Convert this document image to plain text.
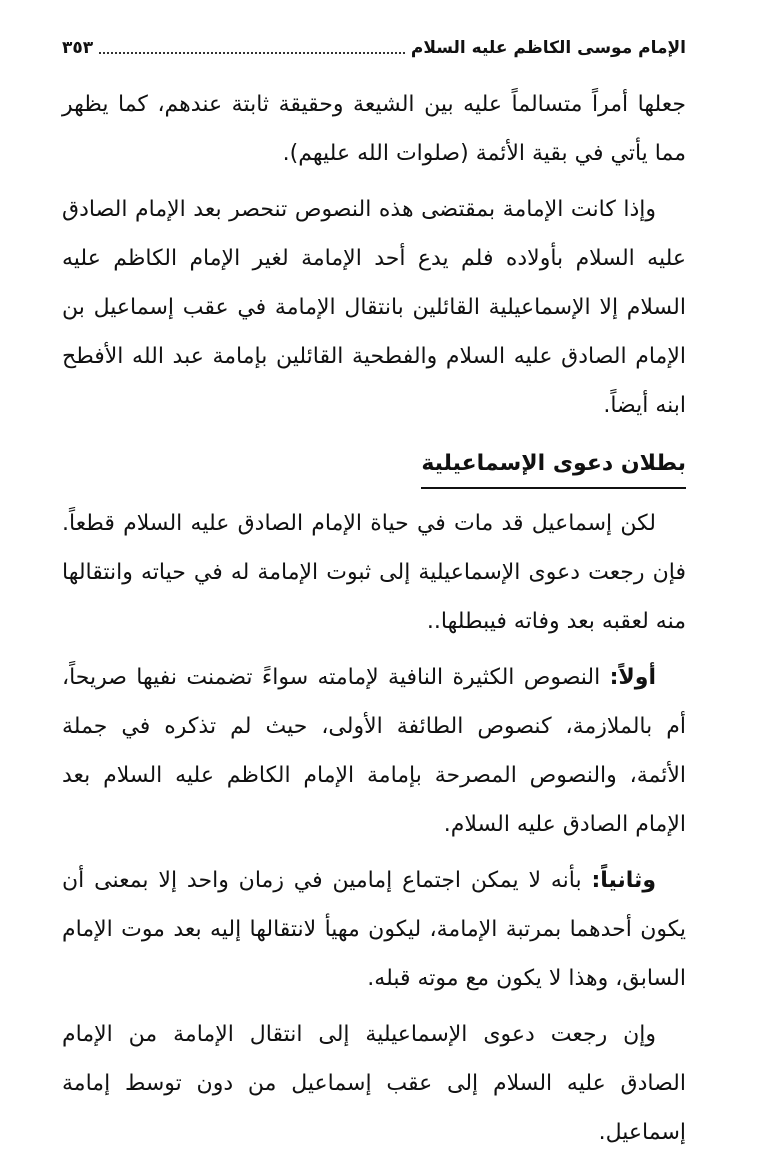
الإمام موسى الكاظم عليه السلام
٣٥٣

جعلها أمراً متسالماً عليه بين الشيعة وحقيقة ثابتة عندهم، كما يظهر مما يأتي في بقية الأئمة (صلوات الله عليهم).

وإذا كانت الإمامة بمقتضى هذه النصوص تنحصر بعد الإمام الصادق عليه السلام بأولاده فلم يدع أحد الإمامة لغير الإمام الكاظم عليه السلام إلا الإسماعيلية القائلين بانتقال الإمامة في عقب إسماعيل بن الإمام الصادق عليه السلام والفطحية القائلين بإمامة عبد الله الأفطح ابنه أيضاً.

بطلان دعوى الإسماعيلية

لكن إسماعيل قد مات في حياة الإمام الصادق عليه السلام قطعاً. فإن رجعت دعوى الإسماعيلية إلى ثبوت الإمامة له في حياته وانتقالها منه لعقبه بعد وفاته فيبطلها..

أولاً: النصوص الكثيرة النافية لإمامته سواءً تضمنت نفيها صريحاً، أم بالملازمة، كنصوص الطائفة الأولى، حيث لم تذكره في جملة الأئمة، والنصوص المصرحة بإمامة الإمام الكاظم عليه السلام بعد الإمام الصادق عليه السلام.

وثانياً: بأنه لا يمكن اجتماع إمامين في زمان واحد إلا بمعنى أن يكون أحدهما بمرتبة الإمامة، ليكون مهيأ لانتقالها إليه بعد موت الإمام السابق، وهذا لا يكون مع موته قبله.

وإن رجعت دعوى الإسماعيلية إلى انتقال الإمامة من الإمام الصادق عليه السلام إلى عقب إسماعيل من دون توسط إمامة إسماعيل.
